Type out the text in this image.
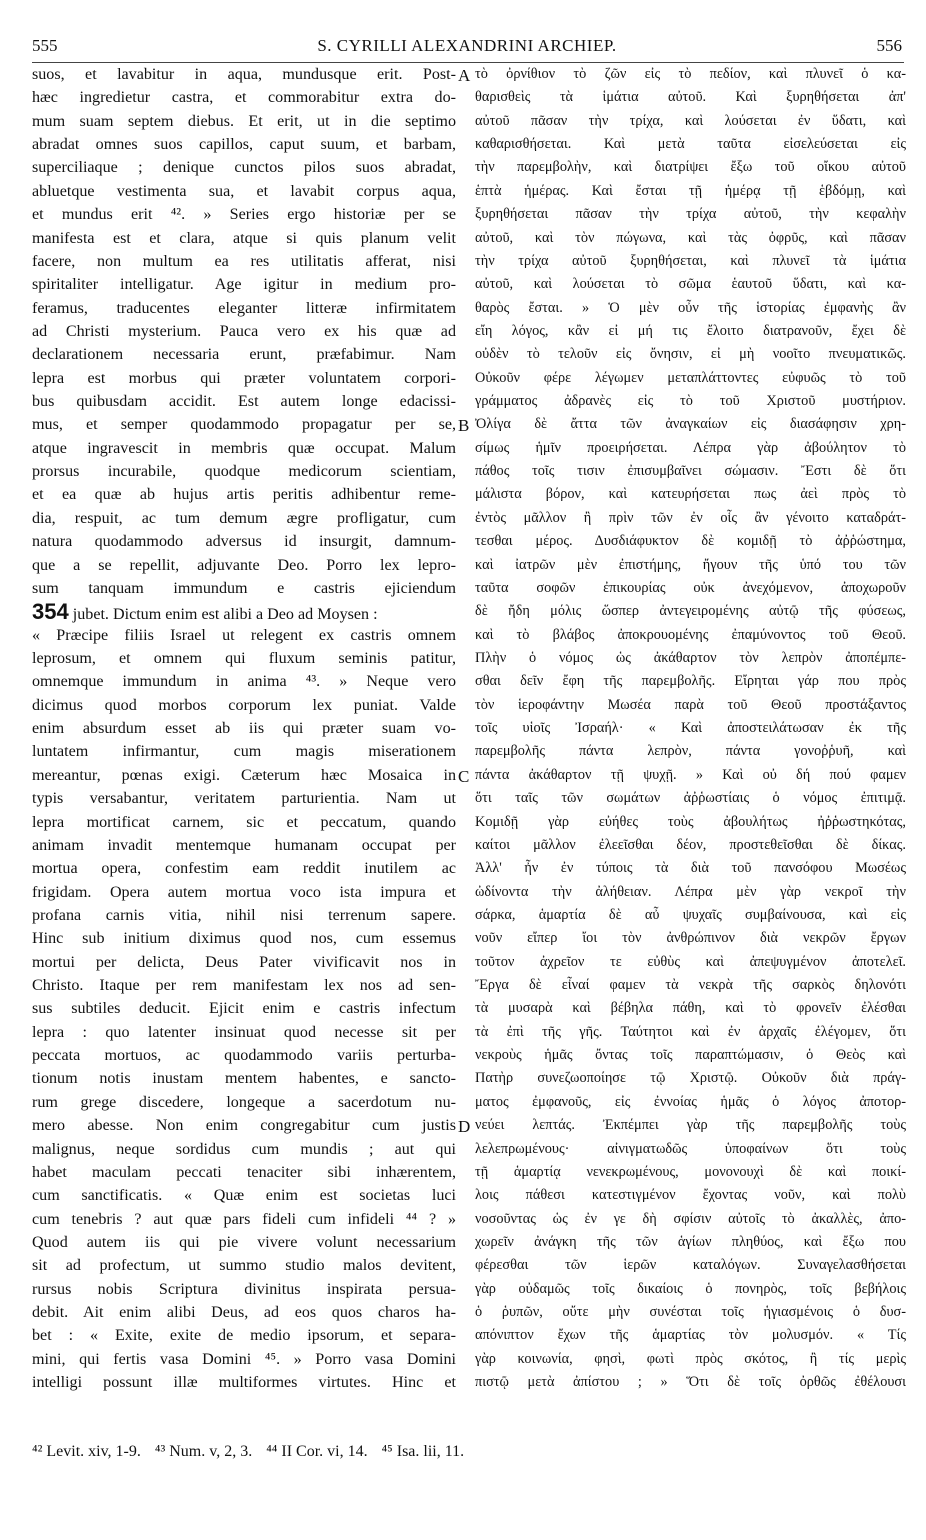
555	S. CYRILLI ALEXANDRINI ARCHIEP.	556
suos, et lavabitur in aqua, mundusque erit. Post-
hæc ingredietur castra, et commorabitur extra do-
mum suam septem diebus. Et erit, ut in die septimo
abradat omnes suos capillos, caput suum, et barbam,
superciliaque ; denique cunctos pilos suos abradat,
abluetque vestimenta sua, et lavabit corpus aqua,
et mundus erit ⁴². » Series ergo historiæ per se
manifesta est et clara, atque si quis planum velit
facere, non multum ea res utilitatis afferat, nisi
spiritaliter intelligatur. Age igitur in medium pro-
feramus, traducentes eleganter litteræ infirmitatem
ad Christi mysterium. Pauca vero ex his quæ ad
declarationem necessaria erunt, præfabimur. Nam
lepra est morbus qui præter voluntatem corpori-
bus quibusdam accidit. Est autem longe edacissi-
mus, et semper quodammodo propagatur per se,
atque ingravescit in membris quæ occupat. Malum
prorsus incurabile, quodque medicorum scientiam,
et ea quæ ab hujus artis peritis adhibentur reme-
dia, respuit, ac tum demum ægre profligatur, cum
natura quodammodo adversus id insurgit, damnum-
que a se repellit, adjuvante Deo. Porro lex lepro-
sum tanquam immundum e castris ejiciendum
354 jubet. Dictum enim est alibi a Deo ad Moysen :
« Præcipe filiis Israel ut relegent ex castris omnem
leprosum, et omnem qui fluxum seminis patitur,
omnemque immundum in anima ⁴³. » Neque vero
dicimus quod morbos corporum lex puniat. Valde
enim absurdum esset ab iis qui præter suam vo-
luntatem infirmantur, cum magis miserationem
mereantur, pœnas exigi. Cæterum hæc Mosaica in
typis versabantur, veritatem parturientia. Nam ut
lepra mortificat carnem, sic et peccatum, quando
animam invadit mentemque humanam occupat per
mortua opera, confestim eam reddit inutilem ac
frigidam. Opera autem mortua voco ista impura et
profana carnis vitia, nihil nisi terrenum sapere.
Hinc sub initium diximus quod nos, cum essemus
mortui per delicta, Deus Pater vivificavit nos in
Christo. Itaque per rem manifestam lex nos ad sen-
sus subtiles deducit. Ejicit enim e castris infectum
lepra : quo latenter insinuat quod necesse sit per
peccata mortuos, ac quodammodo variis perturba-
tionum notis inustam mentem habentes, e sancto-
rum grege discedere, longeque a sacerdotum nu-
mero abesse. Non enim congregabitur cum justis
malignus, neque sordidus cum mundis ; aut qui
habet maculam peccati tenaciter sibi inhærentem,
cum sanctificatis. « Quæ enim est societas luci
cum tenebris ? aut quæ pars fideli cum infideli ⁴⁴ ? »
Quod autem iis qui pie vivere volunt necessarium
sit ad profectum, ut summo studio malos devitent,
rursus nobis Scriptura divinitus inspirata persua-
debit. Ait enim alibi Deus, ad eos quos charos ha-
bet : « Exite, exite de medio ipsorum, et separa-
mini, qui fertis vasa Domini ⁴⁵. » Porro vasa Domini
intelligi possunt illæ multiformes virtutes. Hinc et
τὸ ὀρνίθιον τὸ ζῶν εἰς τὸ πεδίον, καὶ πλυνεῖ ὁ κα-
θαρισθεὶς τὰ ἱμάτια αὐτοῦ. Καὶ ξυρηθήσεται ἀπ'
αὐτοῦ πᾶσαν τὴν τρίχα, καὶ λούσεται ἐν ὕδατι, καὶ
καθαρισθήσεται. Καὶ μετὰ ταῦτα εἰσελεύσεται εἰς
τὴν παρεμβολὴν, καὶ διατρίψει ἔξω τοῦ οἴκου αὐτοῦ
ἑπτὰ ἡμέρας. Καὶ ἔσται τῇ ἡμέρᾳ τῇ ἑβδόμῃ, καὶ
ξυρηθήσεται πᾶσαν τὴν τρίχα αὐτοῦ, τὴν κεφαλὴν
αὐτοῦ, καὶ τὸν πώγωνα, καὶ τὰς ὀφρῦς, καὶ πᾶσαν
τὴν τρίχα αὐτοῦ ξυρηθήσεται, καὶ πλυνεῖ τὰ ἱμάτια
αὐτοῦ, καὶ λούσεται τὸ σῶμα ἑαυτοῦ ὕδατι, καὶ κα-
θαρὸς ἔσται. » Ὁ μὲν οὖν τῆς ἱστορίας ἐμφανὴς ἂν
εἴη λόγος, κἂν εἰ μή τις ἔλοιτο διατρανοῦν, ἔχει δὲ
οὐδὲν τὸ τελοῦν εἰς ὄνησιν, εἰ μὴ νοοῖτο πνευματικῶς.
Οὐκοῦν φέρε λέγωμεν μεταπλάττοντες εὐφυῶς τὸ τοῦ
γράμματος ἀδρανὲς εἰς τὸ τοῦ Χριστοῦ μυστήριον.
Ὀλίγα δὲ ἄττα τῶν ἀναγκαίων εἰς διασάφησιν χρη-
σίμως ἡμῖν προειρήσεται. Λέπρα γὰρ ἀβούλητον τὸ
πάθος τοῖς τισιν ἐπισυμβαῖνει σώμασιν. Ἔστι δὲ ὅτι
μάλιστα βόρον, καὶ κατευρήσεται πως ἀεὶ πρὸς τὸ
ἐντὸς μᾶλλον ἢ πρὶν τῶν ἐν οἷς ἂν γένοιτο καταδράτ-
τεσθαι μέρος. Δυσδιάφυκτον δὲ κομιδῇ τὸ ἀῤῥώστημα,
καὶ ἰατρῶν μὲν ἐπιστήμης, ἤγουν τῆς ὑπό του τῶν
ταῦτα σοφῶν ἐπικουρίας οὐκ ἀνεχόμενον, ἀποχωροῦν
δὲ ἤδη μόλις ὥσπερ ἀντεγειρομένης αὐτῷ τῆς φύσεως,
καὶ τὸ βλάβος ἀποκρουομένης ἐπαμύνοντος τοῦ Θεοῦ.
Πλὴν ὁ νόμος ὡς ἀκάθαρτον τὸν λεπρὸν ἀποπέμπε-
σθαι δεῖν ἔφη τῆς παρεμβολῆς. Εἴρηται γάρ που πρὸς
τὸν ἱεροφάντην Μωσέα παρὰ τοῦ Θεοῦ προστάξαντος
τοῖς υἱοῖς Ἰσραήλ· « Καὶ ἀποστειλάτωσαν ἐκ τῆς
παρεμβολῆς πάντα λεπρὸν, πάντα γονοῤῥυῆ, καὶ
πάντα ἀκάθαρτον τῇ ψυχῇ. » Καὶ οὐ δή πού φαμεν
ὅτι ταῖς τῶν σωμάτων ἀῤῥωστίαις ὁ νόμος ἐπιτιμᾷ.
Κομιδῇ γὰρ εὐήθες τοὺς ἀβουλήτως ἠῤῥωστηκότας,
καίτοι μᾶλλον ἐλεεῖσθαι δέον, προστεθεῖσθαι δὲ δίκας.
Ἀλλ' ἦν ἐν τύποις τὰ διὰ τοῦ πανσόφου Μωσέως
ὠδίνοντα τὴν ἀλήθειαν. Λέπρα μὲν γὰρ νεκροῖ τὴν
σάρκα, ἁμαρτία δὲ αὖ ψυχαῖς συμβαίνουσα, καὶ εἰς
νοῦν εἴπερ ἴοι τὸν ἀνθρώπινον διὰ νεκρῶν ἔργων
τοῦτον ἀχρεῖον τε εὐθὺς καὶ ἀπεψυγμένον ἀποτελεῖ.
Ἔργα δὲ εἶναί φαμεν τὰ νεκρὰ τῆς σαρκὸς δηλονότι
τὰ μυσαρὰ καὶ βέβηλα πάθη, καὶ τὸ φρονεῖν ἐλέσθαι
τὰ ἐπὶ τῆς γῆς. Ταύτητοι καὶ ἐν ἀρχαῖς ἐλέγομεν, ὅτι
νεκροὺς ἡμᾶς ὄντας τοῖς παραπτώμασιν, ὁ Θεὸς καὶ
Πατὴρ συνεζωοποίησε τῷ Χριστῷ. Οὐκοῦν διὰ πράγ-
ματος ἐμφανοῦς, εἰς ἐννοίας ἡμᾶς ὁ λόγος ἀποτορ-
νεύει λεπτάς. Ἐκπέμπει γὰρ τῆς παρεμβολῆς τοὺς
λελεπρωμένους· αἰνιγματωδῶς ὑποφαίνων ὅτι τοὺς
τῇ ἁμαρτίᾳ νενεκρωμένους, μονονουχὶ δὲ καὶ ποικί-
λοις πάθεσι κατεστιγμένον ἔχοντας νοῦν, καὶ πολὺ
νοσοῦντας ὡς ἐν γε δὴ σφίσιν αὐτοῖς τὸ ἀκαλλὲς, ἀπο-
χωρεῖν ἀνάγκη τῆς τῶν ἁγίων πληθύος, καὶ ἔξω που
φέρεσθαι τῶν ἱερῶν καταλόγων. Συναγελασθήσεται
γὰρ οὐδαμῶς τοῖς δικαίοις ὁ πονηρὸς, τοῖς βεβήλοις
ὁ ῥυπῶν, οὔτε μὴν συνέσται τοῖς ἡγιασμένοις ὁ δυσ-
απόνιπτον ἔχων τῆς ἁμαρτίας τὸν μολυσμόν. « Τίς
γὰρ κοινωνία, φησὶ, φωτὶ πρὸς σκότος, ἢ τίς μερὶς
πιστῷ μετὰ ἀπίστου ; » Ὅτι δὲ τοῖς ὀρθῶς ἐθέλουσι
A
B
C
D
⁴² Levit. xiv, 1-9. ⁴³ Num. v, 2, 3. ⁴⁴ II Cor. vi, 14. ⁴⁵ Isa. lii, 11.
